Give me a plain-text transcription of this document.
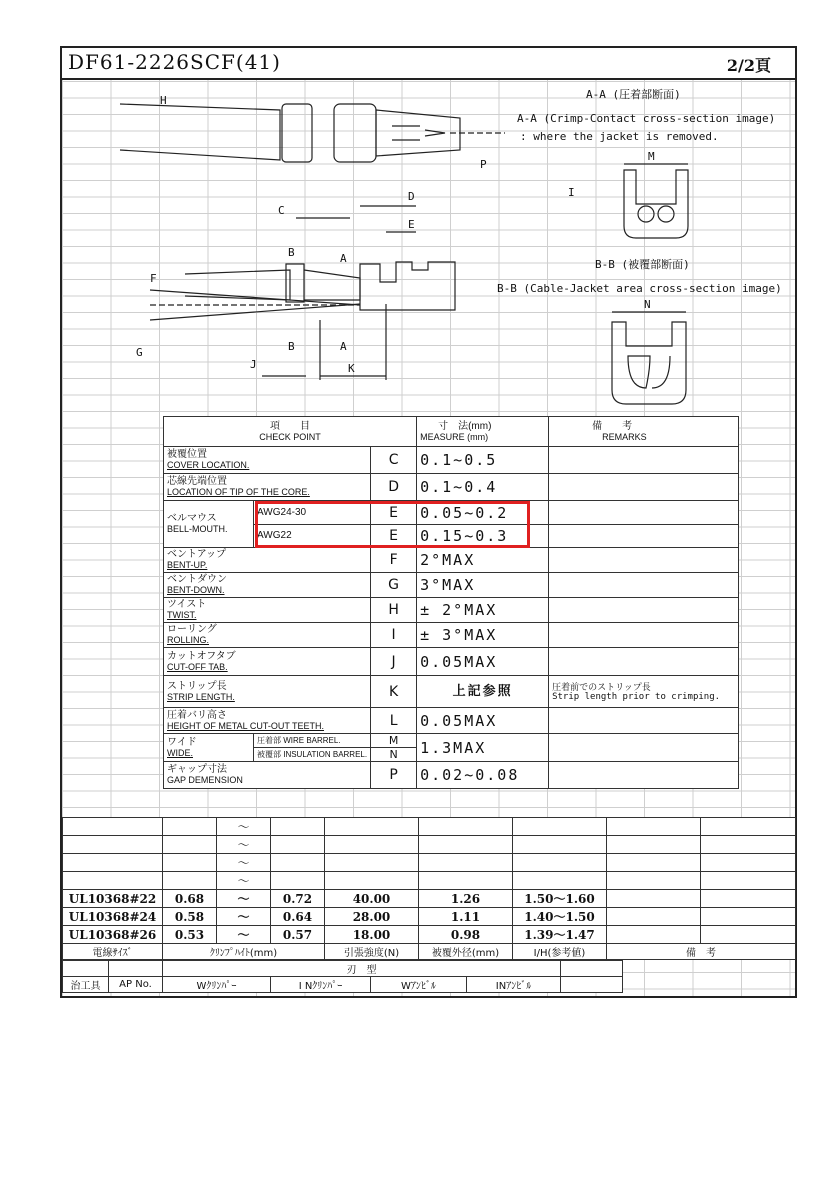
DF61-2226SCF(41)	2/2頁
A-A (圧着部断面)
A-A (Crimp-Contact cross-section image)
: where the jacket is removed.
B-B (被覆部断面)
B-B (Cable-Jacket area cross-section image)
H
P
C
D
E
B	A
F
G	B	A
J	K
M
I
N
項　　目
CHECK POINT			寸　法(mm)
MEASURE (mm)	備　　考
REMARKS

被覆位置
COVER LOCATION.		C	0.1~0.5	

芯線先端位置
LOCATION OF TIP OF THE CORE.		D	0.1~0.4	

ベルマウス
BELL-MOUTH.	AWG24-30	E	0.05~0.2	
	AWG22	E	0.15~0.3	

ベントアップ
BENT-UP.		F	2°MAX	

ベントダウン
BENT-DOWN.		G	3°MAX	

ツイスト
TWIST.		H	± 2°MAX	

ローリング
ROLLING.		I	± 3°MAX	

カットオフタブ
CUT-OFF TAB.		J	0.05MAX	

ストリップ長
STRIP LENGTH.		K	上記参照	圧着前でのストリップ長
Strip length prior to crimping.

圧着バリ高さ
HEIGHT OF METAL CUT-OUT TEETH.		L	0.05MAX	

ワイド
WIDE.	圧着部 WIRE BARREL.	M	1.3MAX	
	被覆部 INSULATION BARREL.	N		

ギャップ寸法
GAP DEMENSION		P	0.02~0.08	
		～						
		～						
		～						
		～						
UL10368#22	0.68	～	0.72	40.00	1.26	1.50～1.60		
UL10368#24	0.58	～	0.64	28.00	1.11	1.40～1.50		
UL10368#26	0.53	～	0.57	18.00	0.98	1.39～1.47		
電線ｻｲｽﾞ	ｸﾘﾝﾌﾟﾊｲﾄ(mm)			引張強度(N)	被覆外径(mm)	I/H(参考値)	備　考	
		刃　型				
治工具	AP No.	Wｸﾘﾝﾊﾟｰ	I Nｸﾘﾝﾊﾟｰ	Wｱﾝﾋﾞﾙ	INｱﾝﾋﾞﾙ	
